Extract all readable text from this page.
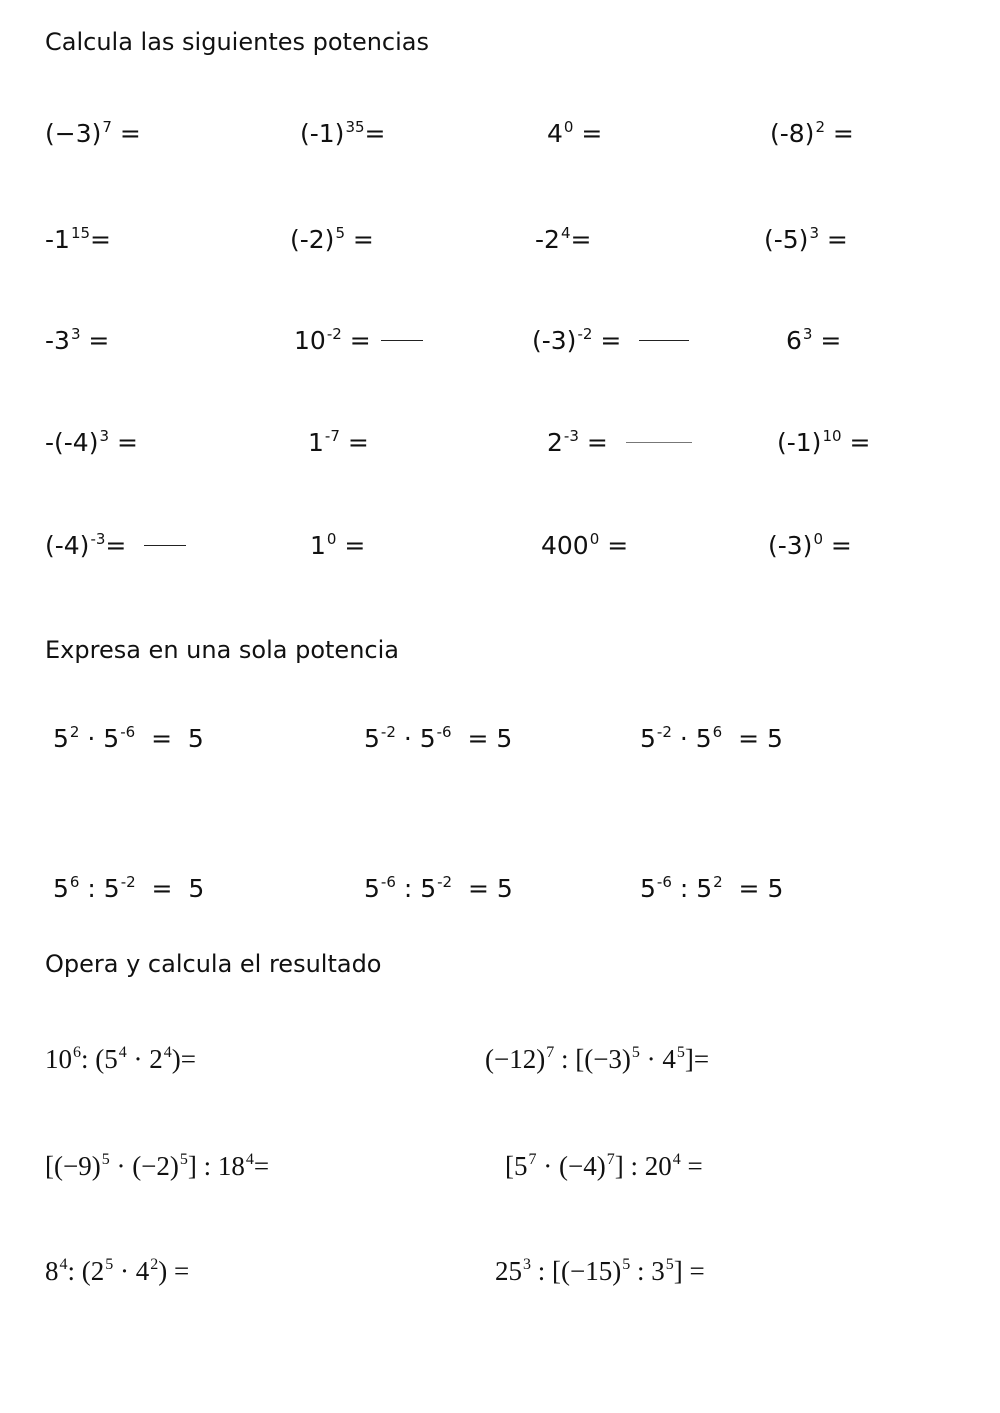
Calcula las siguientes potencias
$(-3)^7$ =	$(-1)^{35}=$	$4^0$ =	$(-8)^2$ =
$-1^{15}=$	$(-2)^5$ =	$-2^4=$	$(-5)^3$ =
$-3^3$ =	$10^{-2}$ =	$(-3)^{-2}$ =	$6^3$ =
$-(-4)^3$ =	$1^{-7}$ =	$2^{-3}$ =	$(-1)^{10}$ =
$(-4)^{-3}=$	$1^0$ =	$400^0$ =	$(-3)^0$ =
Expresa en una sola potencia
$5^2 \cdot 5^{-6} = 5$	$5^{-2} \cdot 5^{-6} = 5$	$5^{-2} \cdot 5^6 = 5$
$5^6$ : $5^{-2} = 5$	$5^{-6}$ : $5^{-2} = 5$	$5^{-6}$ : $5^2 = 5$
Opera y calcula el resultado
$10^6$: $(5^4 \cdot 2^4)=$	$(-12)^7$ : $[(-3)^5 \cdot 4^5]=$
$[(-9)^5 \cdot (-2)^5]$ : $18^4=$	$[5^7 \cdot (-4)^7]$ : $20^4$ =
$8^4$: $(2^5 \cdot 4^2)$ =	$25^3$ : [$(-15)^5$ : $3^5$] =
